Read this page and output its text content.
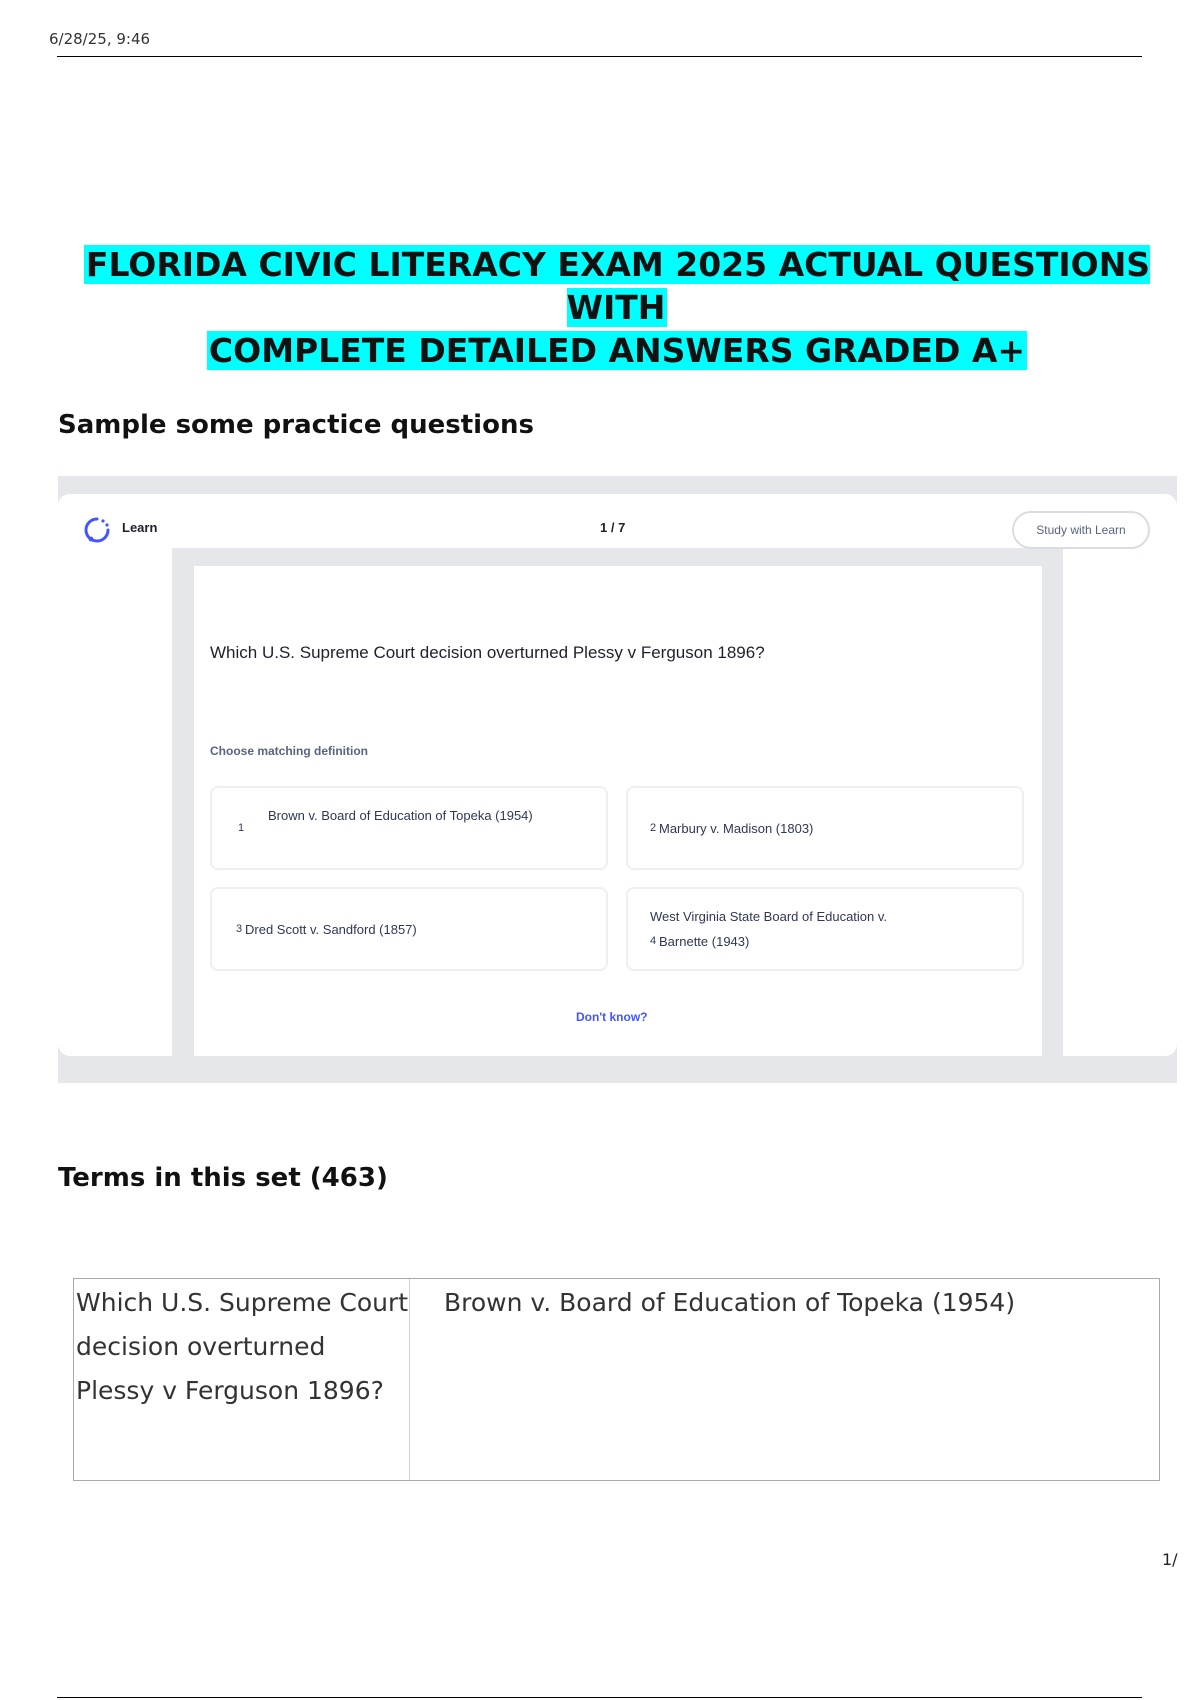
6/28/25, 9:46
FLORIDA CIVIC LITERACY EXAM 2025 ACTUAL QUESTIONS WITH
COMPLETE DETAILED ANSWERS GRADED A+
Sample some practice questions
Learn	1 / 7	Study with Learn
Which U.S. Supreme Court decision overturned Plessy v Ferguson 1896?
Choose matching definition
1
Brown v. Board of Education of Topeka (1954)
2 Marbury v. Madison (1803)
3 Dred Scott v. Sandford (1857)
4
West Virginia State Board of Education v.
Barnette (1943)
Don't know?
Terms in this set (463)
Which U.S. Supreme Court decision overturned Plessy v Ferguson 1896?
Brown v. Board of Education of Topeka (1954)
1/
